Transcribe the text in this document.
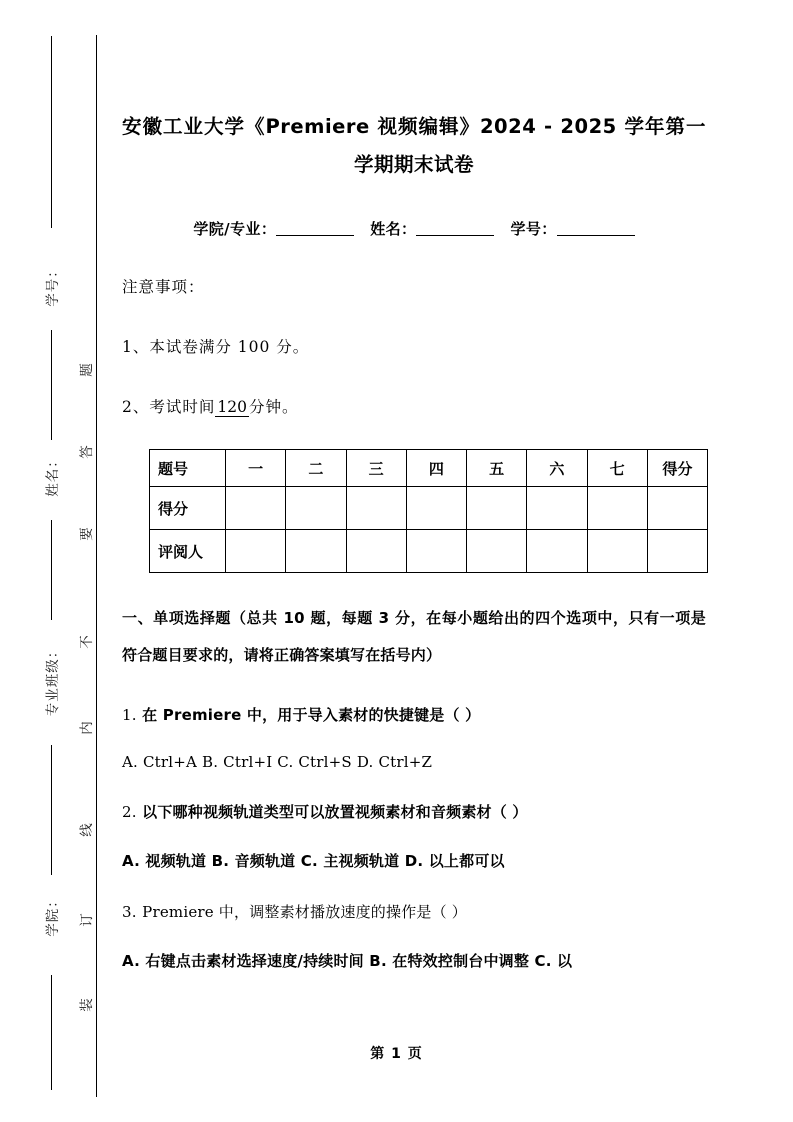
学号：
姓名：
专业班级：
学院：
题
答
要
不
内
线
订
装
安徽工业大学《Premiere 视频编辑》2024 - 2025 学年第一学期期末试卷
学院/专业：	姓名：	学号：
注意事项：
1、本试卷满分 100 分。
2、考试时间 120 分钟。
题号	一	二	三	四	五	六	七	得分
得分								
评阅人								
一、单项选择题（总共 10 题，每题 3 分，在每小题给出的四个选项中，只有一项是符合题目要求的，请将正确答案填写在括号内）
1. 在 Premiere 中，用于导入素材的快捷键是（ ）
A. Ctrl+A B. Ctrl+I C. Ctrl+S D. Ctrl+Z
2. 以下哪种视频轨道类型可以放置视频素材和音频素材（ ）
A. 视频轨道 B. 音频轨道 C. 主视频轨道 D. 以上都可以
3. Premiere 中，调整素材播放速度的操作是（ ）
A. 右键点击素材选择速度/持续时间 B. 在特效控制台中调整 C. 以
第 1 页
